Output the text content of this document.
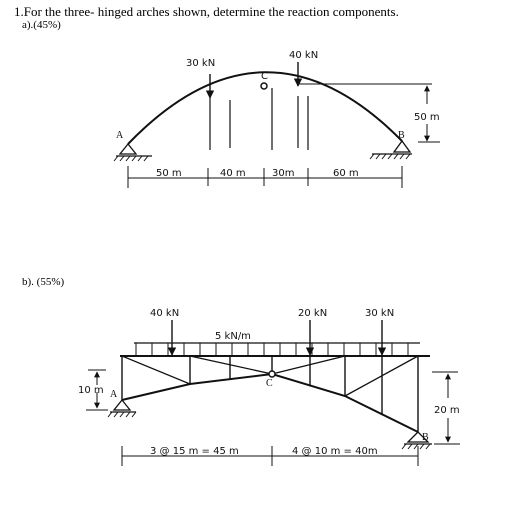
1.For the three- hinged arches shown, determine the reaction components.
a).(45%)
b). (55%)
30 kN
40 kN
C
A	B
50 m
50 m	40 m	30m	60 m
40 kN	20 kN	30 kN
5 kN/m
C
A
B
10 m
20 m
3 @ 15 m = 45 m	4 @ 10 m = 40m
